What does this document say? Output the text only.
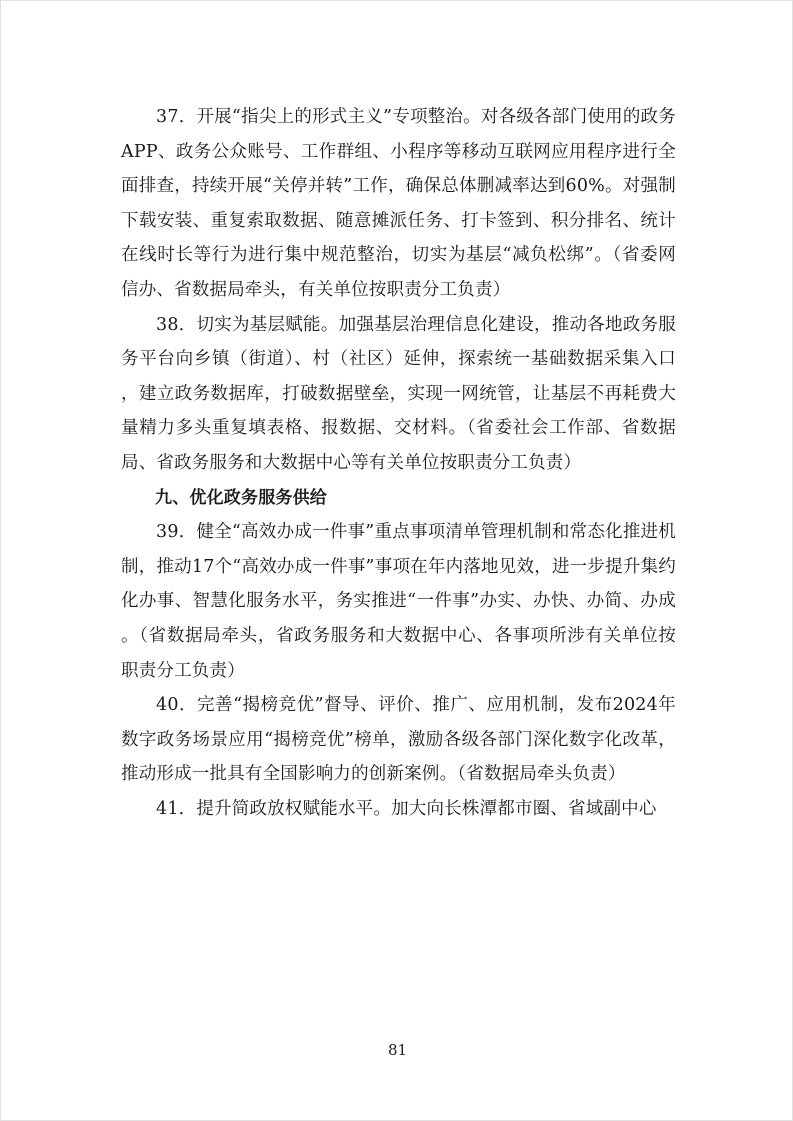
37．开展“指尖上的形式主义”专项整治。对各级各部门使用的政务APP、政务公众账号、工作群组、小程序等移动互联网应用程序进行全面排查，持续开展“关停并转”工作，确保总体删减率达到60%。对强制下载安装、重复索取数据、随意摊派任务、打卡签到、积分排名、统计在线时长等行为进行集中规范整治，切实为基层“减负松绑”。（省委网信办、省数据局牵头，有关单位按职责分工负责）

38．切实为基层赋能。加强基层治理信息化建设，推动各地政务服务平台向乡镇（街道）、村（社区）延伸，探索统一基础数据采集入口，建立政务数据库，打破数据壁垒，实现一网统管，让基层不再耗费大量精力多头重复填表格、报数据、交材料。（省委社会工作部、省数据局、省政务服务和大数据中心等有关单位按职责分工负责）

九、优化政务服务供给

39．健全“高效办成一件事”重点事项清单管理机制和常态化推进机制，推动17个“高效办成一件事”事项在年内落地见效，进一步提升集约化办事、智慧化服务水平，务实推进“一件事”办实、办快、办简、办成。（省数据局牵头，省政务服务和大数据中心、各事项所涉有关单位按职责分工负责）

40．完善“揭榜竞优”督导、评价、推广、应用机制，发布2024年数字政务场景应用“揭榜竞优”榜单，激励各级各部门深化数字化改革，推动形成一批具有全国影响力的创新案例。（省数据局牵头负责）

41．提升简政放权赋能水平。加大向长株潭都市圈、省域副中心

81
